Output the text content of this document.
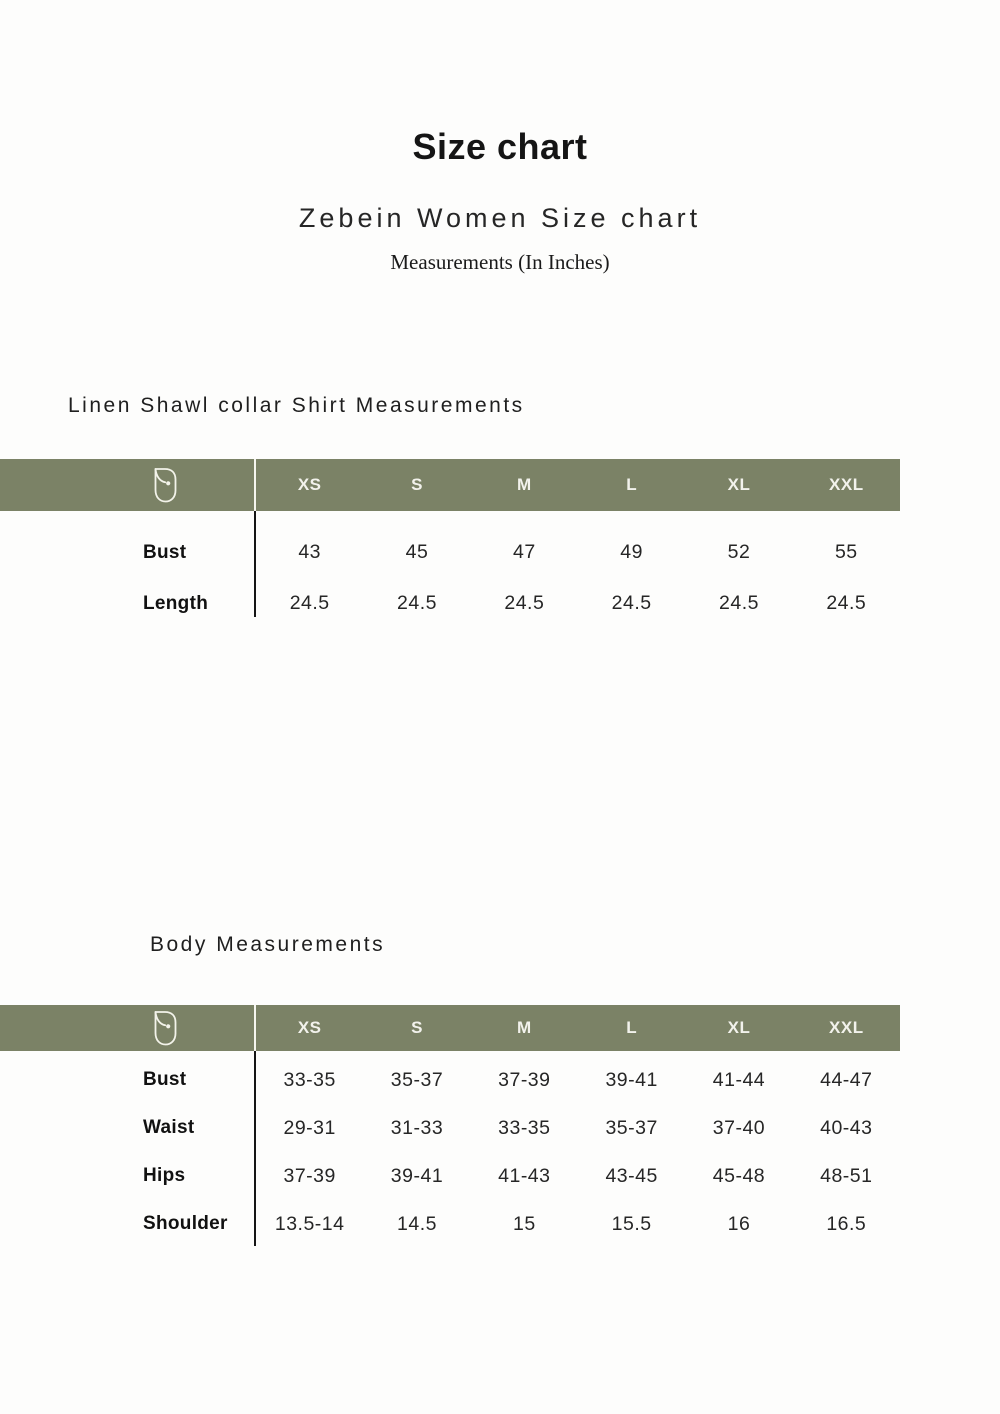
Size chart
Zebein Women Size chart
Measurements (In Inches)
Linen Shawl collar Shirt Measurements
XS	S	M	L	XL	XXL
Bust	43	45	47	49	52	55
Length	24.5	24.5	24.5	24.5	24.5	24.5
Body Measurements
XS	S	M	L	XL	XXL
Bust	33-35	35-37	37-39	39-41	41-44	44-47
Waist	29-31	31-33	33-35	35-37	37-40	40-43
Hips	37-39	39-41	41-43	43-45	45-48	48-51
Shoulder	13.5-14	14.5	15	15.5	16	16.5
